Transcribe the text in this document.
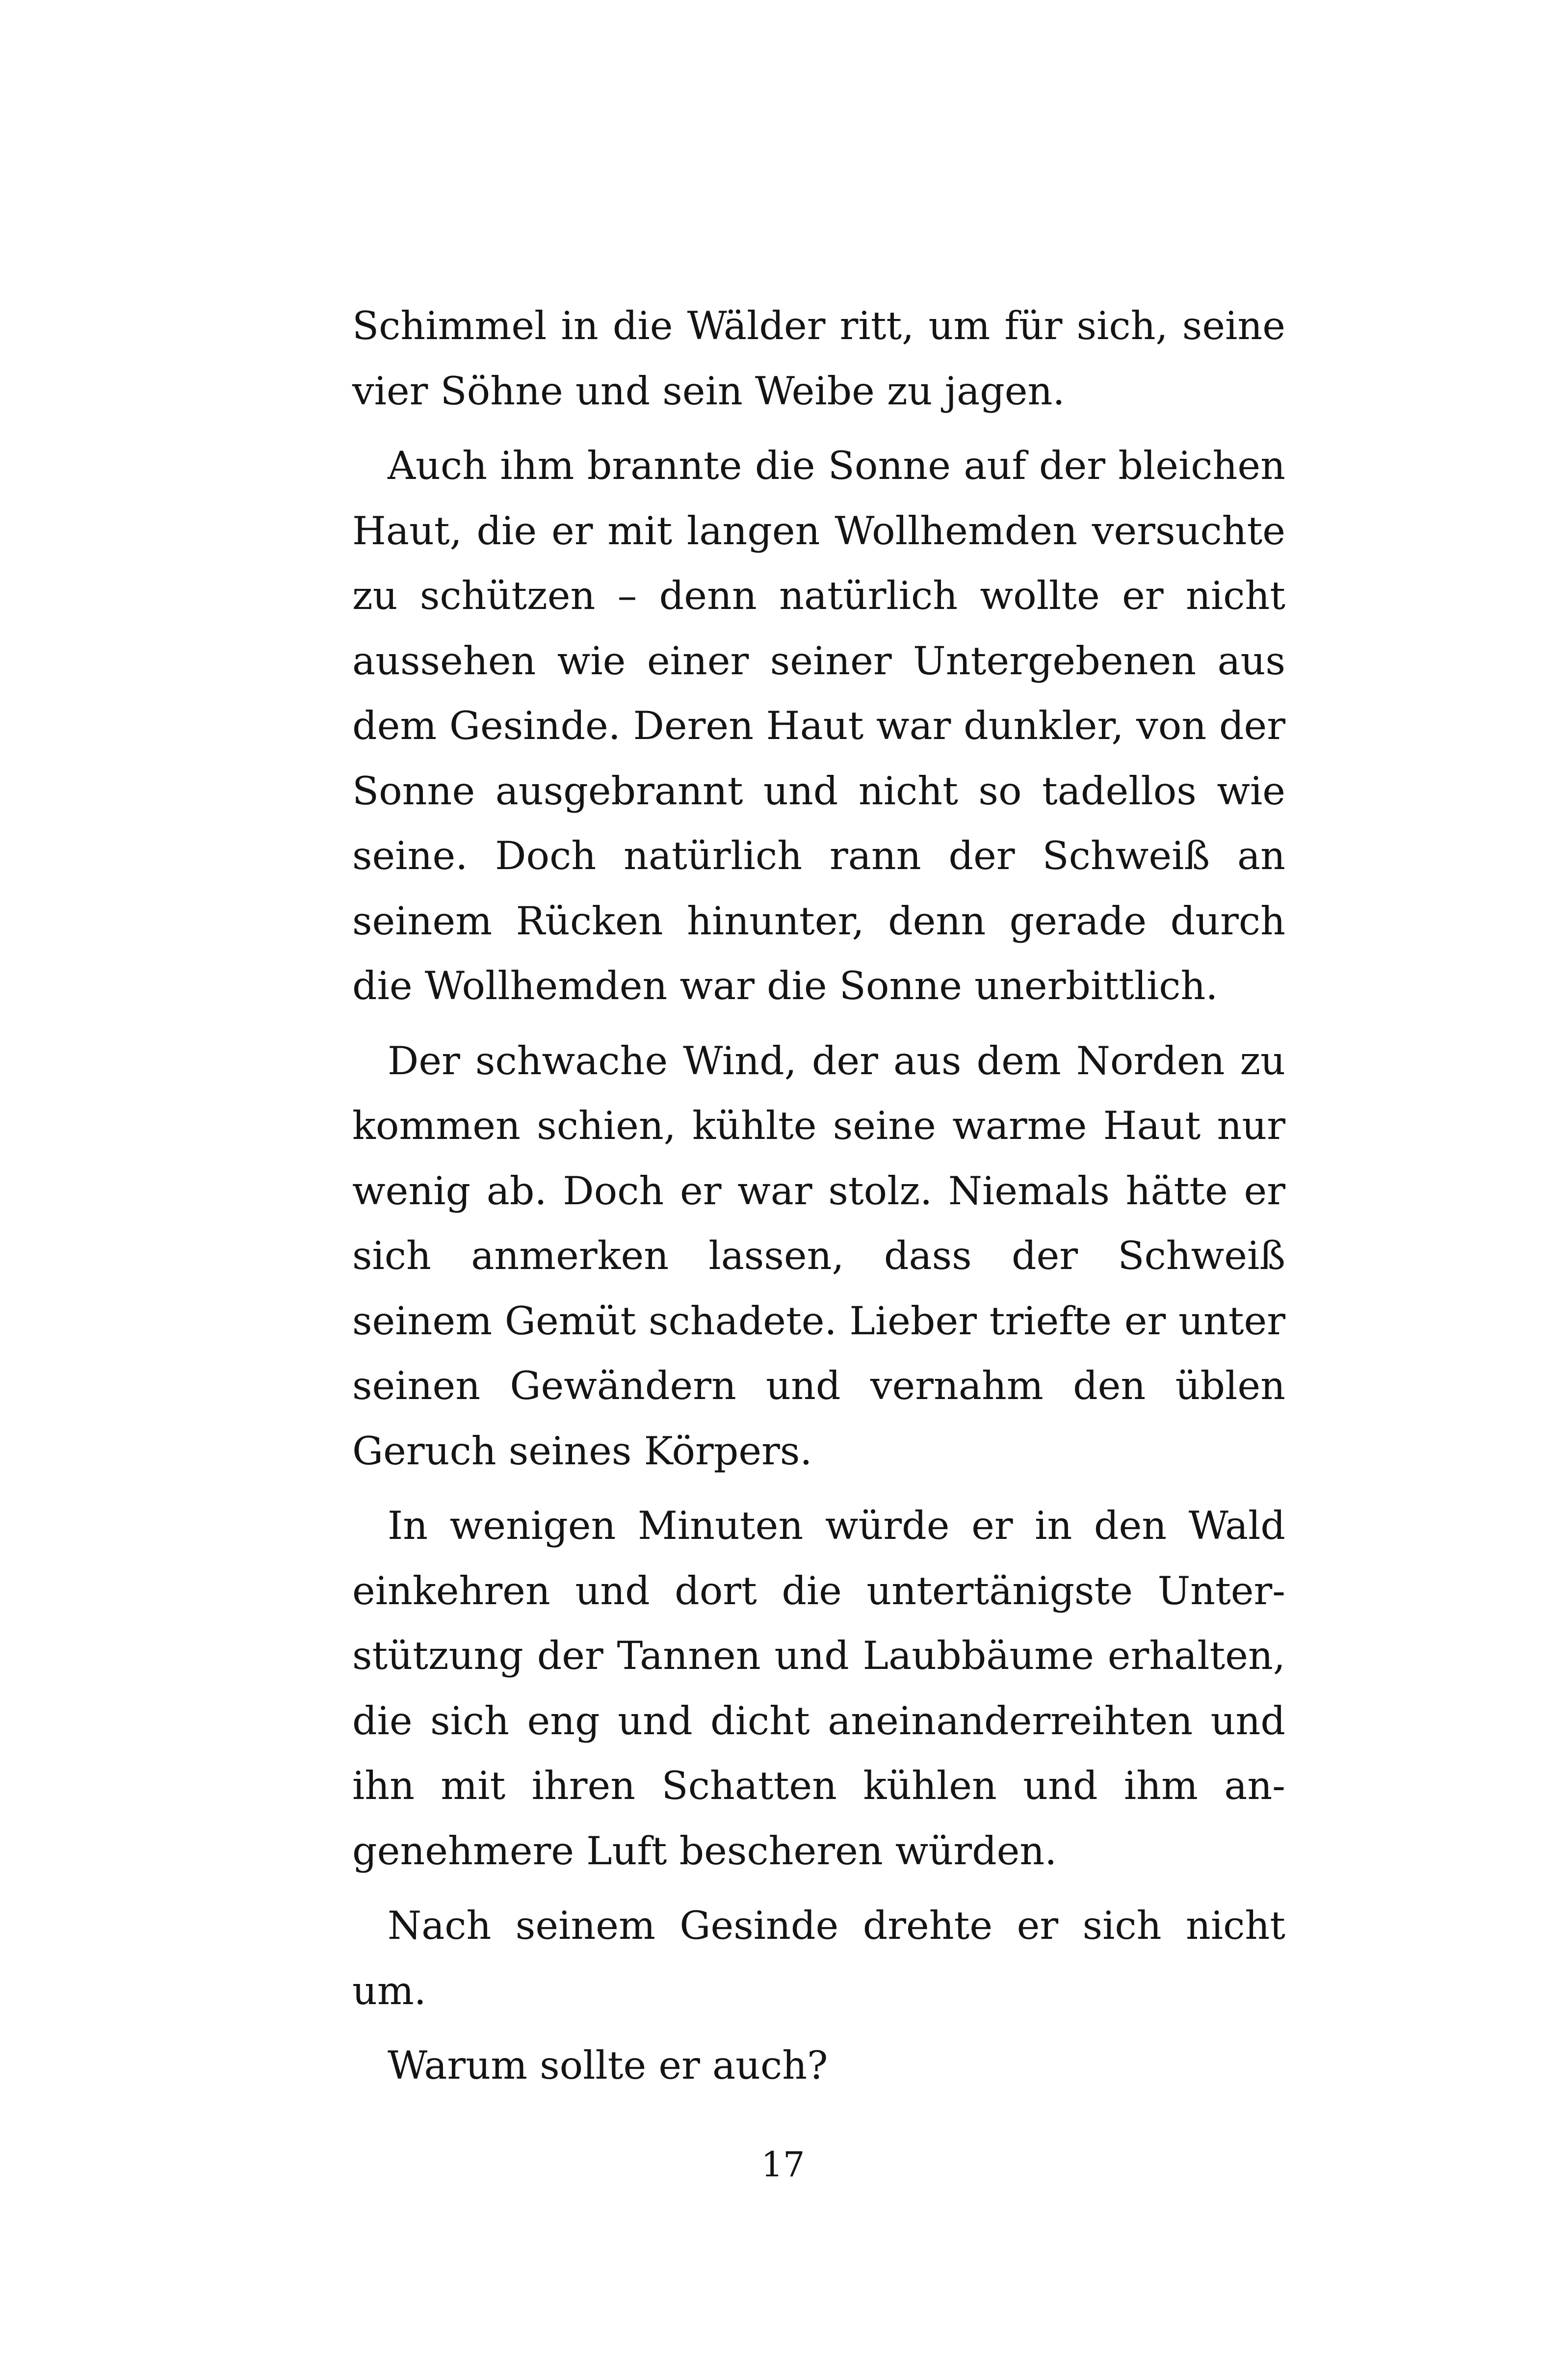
Schimmel in die Wälder ritt, um für sich, seine vier Söhne und sein Weibe zu jagen.

Auch ihm brannte die Sonne auf der bleichen Haut, die er mit langen Wollhemden versuchte zu schützen – denn natürlich wollte er nicht aussehen wie einer seiner Untergebenen aus dem Gesinde. Deren Haut war dunkler, von der Sonne ausgebrannt und nicht so tadellos wie seine. Doch natürlich rann der Schweiß an seinem Rücken hinunter, denn gerade durch die Wollhemden war die Sonne unerbittlich.

Der schwache Wind, der aus dem Norden zu kommen schien, kühlte seine warme Haut nur wenig ab. Doch er war stolz. Niemals hätte er sich anmerken lassen, dass der Schweiß seinem Gemüt schadete. Lieber triefte er unter seinen Gewändern und vernahm den üblen Geruch seines Körpers.

In wenigen Minuten würde er in den Wald einkehren und dort die untertänigste Unterstützung der Tannen und Laubbäume erhalten, die sich eng und dicht aneinanderreihten und ihn mit ihren Schatten kühlen und ihm angenehmere Luft bescheren würden.

Nach seinem Gesinde drehte er sich nicht um.

Warum sollte er auch?

17
